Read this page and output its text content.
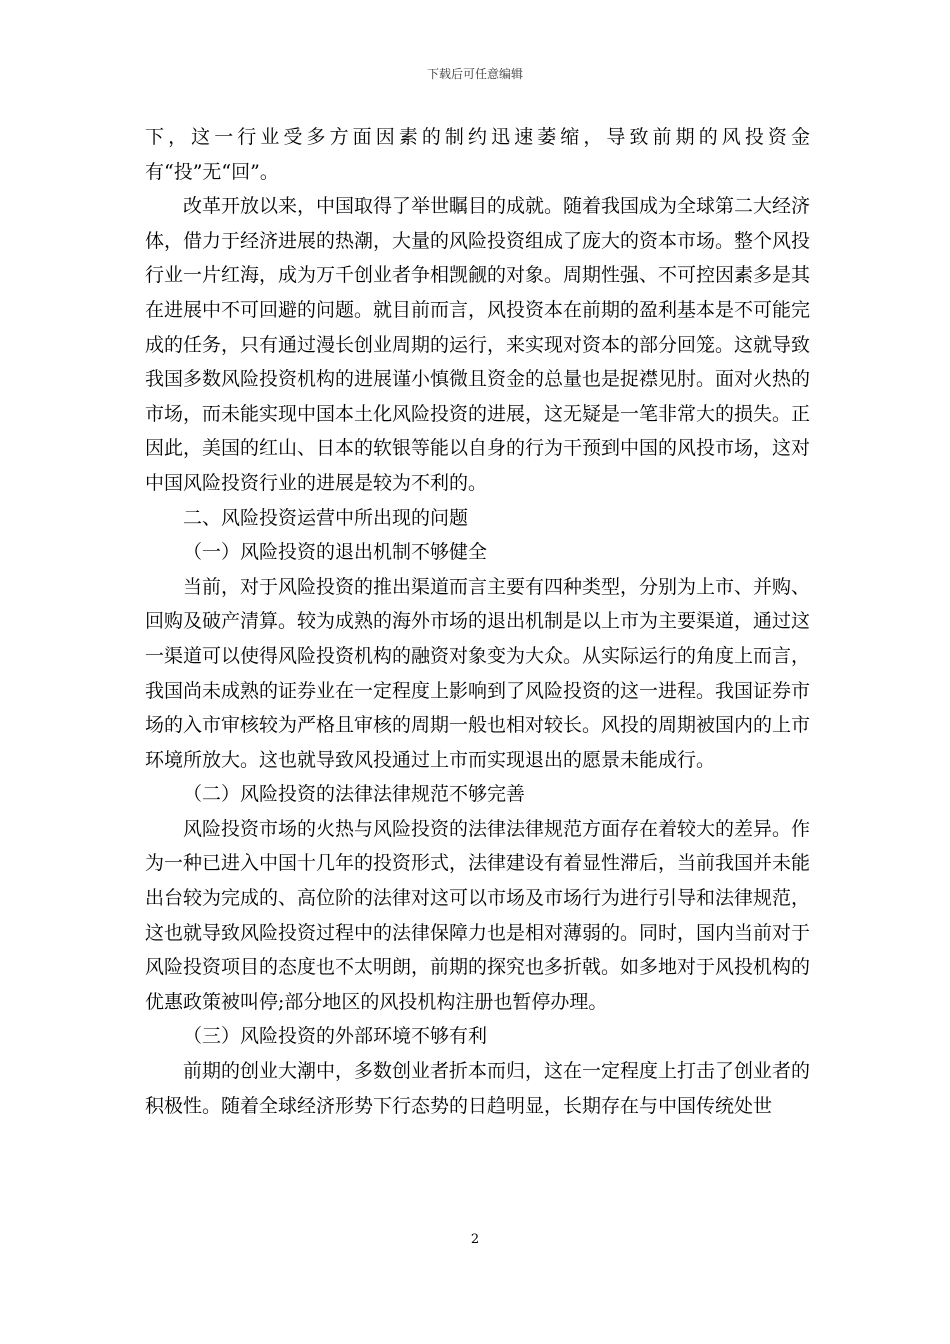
下载后可任意编辑

下，这一行业受多方面因素的制约迅速萎缩，导致前期的风投资金有“投”无“回”。

改革开放以来，中国取得了举世瞩目的成就。随着我国成为全球第二大经济体，借力于经济进展的热潮，大量的风险投资组成了庞大的资本市场。整个风投行业一片红海，成为万千创业者争相觊觎的对象。周期性强、不可控因素多是其在进展中不可回避的问题。就目前而言，风投资本在前期的盈利基本是不可能完成的任务，只有通过漫长创业周期的运行，来实现对资本的部分回笼。这就导致我国多数风险投资机构的进展谨小慎微且资金的总量也是捉襟见肘。面对火热的市场，而未能实现中国本土化风险投资的进展，这无疑是一笔非常大的损失。正因此，美国的红山、日本的软银等能以自身的行为干预到中国的风投市场，这对中国风险投资行业的进展是较为不利的。

二、风险投资运营中所出现的问题

（一）风险投资的退出机制不够健全

当前，对于风险投资的推出渠道而言主要有四种类型，分别为上市、并购、回购及破产清算。较为成熟的海外市场的退出机制是以上市为主要渠道，通过这一渠道可以使得风险投资机构的融资对象变为大众。从实际运行的角度上而言，我国尚未成熟的证券业在一定程度上影响到了风险投资的这一进程。我国证券市场的入市审核较为严格且审核的周期一般也相对较长。风投的周期被国内的上市环境所放大。这也就导致风投通过上市而实现退出的愿景未能成行。

（二）风险投资的法律法律规范不够完善

风险投资市场的火热与风险投资的法律法律规范方面存在着较大的差异。作为一种已进入中国十几年的投资形式，法律建设有着显性滞后，当前我国并未能出台较为完成的、高位阶的法律对这可以市场及市场行为进行引导和法律规范，这也就导致风险投资过程中的法律保障力也是相对薄弱的。同时，国内当前对于风险投资项目的态度也不太明朗，前期的探究也多折戟。如多地对于风投机构的优惠政策被叫停;部分地区的风投机构注册也暂停办理。

（三）风险投资的外部环境不够有利

前期的创业大潮中，多数创业者折本而归，这在一定程度上打击了创业者的积极性。随着全球经济形势下行态势的日趋明显，长期存在与中国传统处世

2
